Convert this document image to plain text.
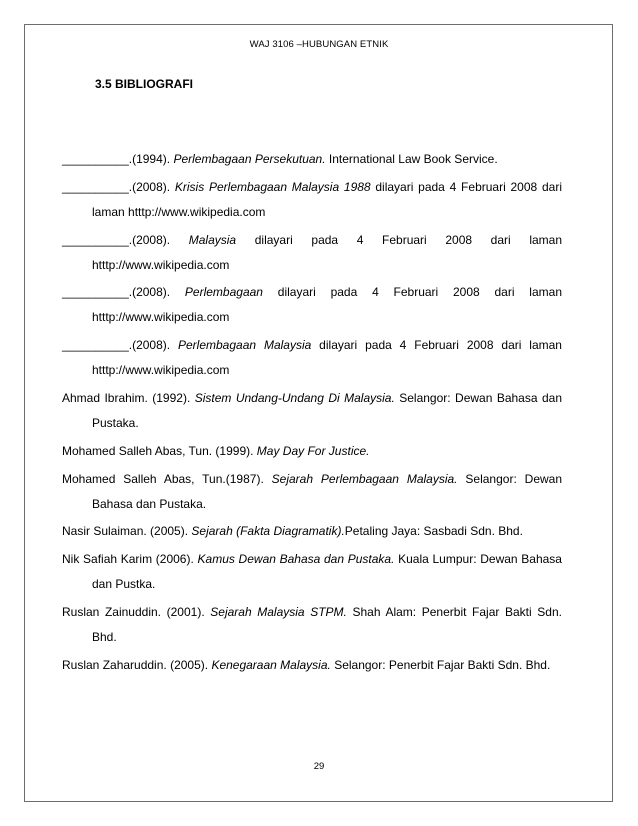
WAJ 3106 –HUBUNGAN ETNIK
3.5 BIBLIOGRAFI
__________.(1994). Perlembagaan Persekutuan. International Law Book Service.
__________.(2008). Krisis Perlembagaan Malaysia 1988 dilayari pada 4 Februari 2008 dari laman htttp://www.wikipedia.com
__________.(2008). Malaysia dilayari pada 4 Februari 2008 dari laman htttp://www.wikipedia.com
__________.(2008). Perlembagaan dilayari pada 4 Februari 2008 dari laman htttp://www.wikipedia.com
__________.(2008). Perlembagaan Malaysia dilayari pada 4 Februari 2008 dari laman htttp://www.wikipedia.com
Ahmad Ibrahim. (1992). Sistem Undang-Undang Di Malaysia. Selangor: Dewan Bahasa dan Pustaka.
Mohamed Salleh Abas, Tun. (1999). May Day For Justice.
Mohamed Salleh Abas, Tun.(1987). Sejarah Perlembagaan Malaysia. Selangor: Dewan Bahasa dan Pustaka.
Nasir Sulaiman. (2005). Sejarah (Fakta Diagramatik).Petaling Jaya: Sasbadi Sdn. Bhd.
Nik Safiah Karim (2006). Kamus Dewan Bahasa dan Pustaka. Kuala Lumpur: Dewan Bahasa dan Pustka.
Ruslan Zainuddin. (2001). Sejarah Malaysia STPM. Shah Alam: Penerbit Fajar Bakti Sdn. Bhd.
Ruslan Zaharuddin. (2005). Kenegaraan Malaysia. Selangor: Penerbit Fajar Bakti Sdn. Bhd.
29
